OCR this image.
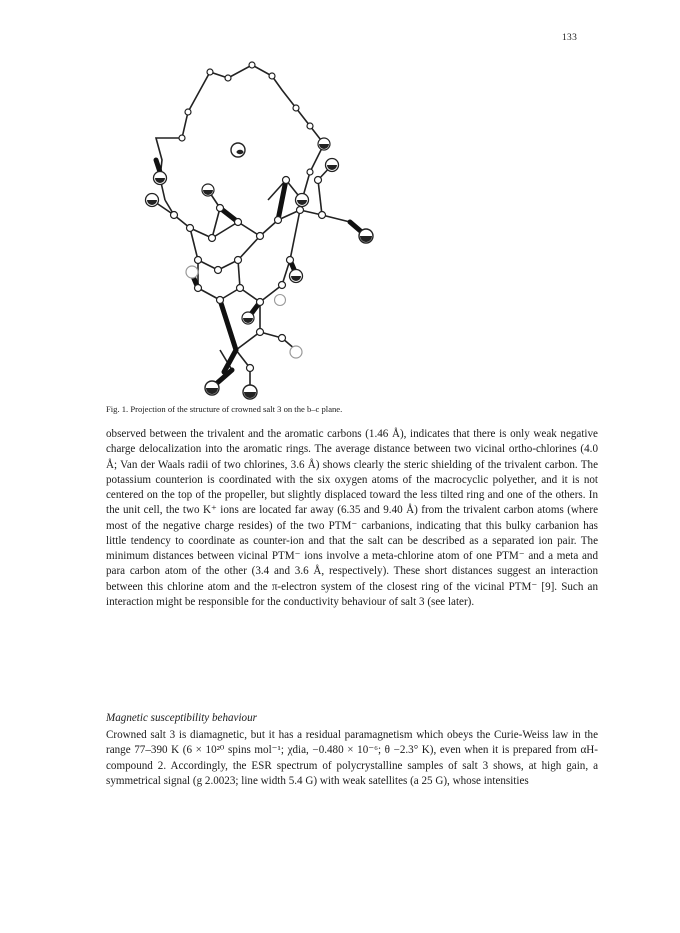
133
Fig. 1. Projection of the structure of crowned salt 3 on the b–c plane.

observed between the trivalent and the aromatic carbons (1.46 Å), indicates that there is only weak negative charge delocalization into the aromatic rings. The average distance between two vicinal ortho-chlorines (4.0 Å; Van der Waals radii of two chlorines, 3.6 Å) shows clearly the steric shielding of the trivalent carbon. The potassium counterion is coordinated with the six oxygen atoms of the macrocyclic polyether, and it is not centered on the top of the propeller, but slightly displaced toward the less tilted ring and one of the others. In the unit cell, the two K⁺ ions are located far away (6.35 and 9.40 Å) from the trivalent carbon atoms (where most of the negative charge resides) of the two PTM⁻ carbanions, indicating that this bulky carbanion has little tendency to coordinate as counter-ion and that the salt can be described as a separated ion pair. The minimum distances between vicinal PTM⁻ ions involve a meta-chlorine atom of one PTM⁻ and a meta and para carbon atom of the other (3.4 and 3.6 Å, respectively). These short distances suggest an interaction between this chlorine atom and the π-electron system of the closest ring of the vicinal PTM⁻ [9]. Such an interaction might be responsible for the conductivity behaviour of salt 3 (see later).

Magnetic susceptibility behaviour

Crowned salt 3 is diamagnetic, but it has a residual paramagnetism which obeys the Curie-Weiss law in the range 77–390 K (6 × 10²⁰ spins mol⁻¹; χdia, −0.480 × 10⁻⁶; θ −2.3° K), even when it is prepared from αH-compound 2. Accordingly, the ESR spectrum of polycrystalline samples of salt 3 shows, at high gain, a symmetrical signal (g 2.0023; line width 5.4 G) with weak satellites (a 25 G), whose intensities
